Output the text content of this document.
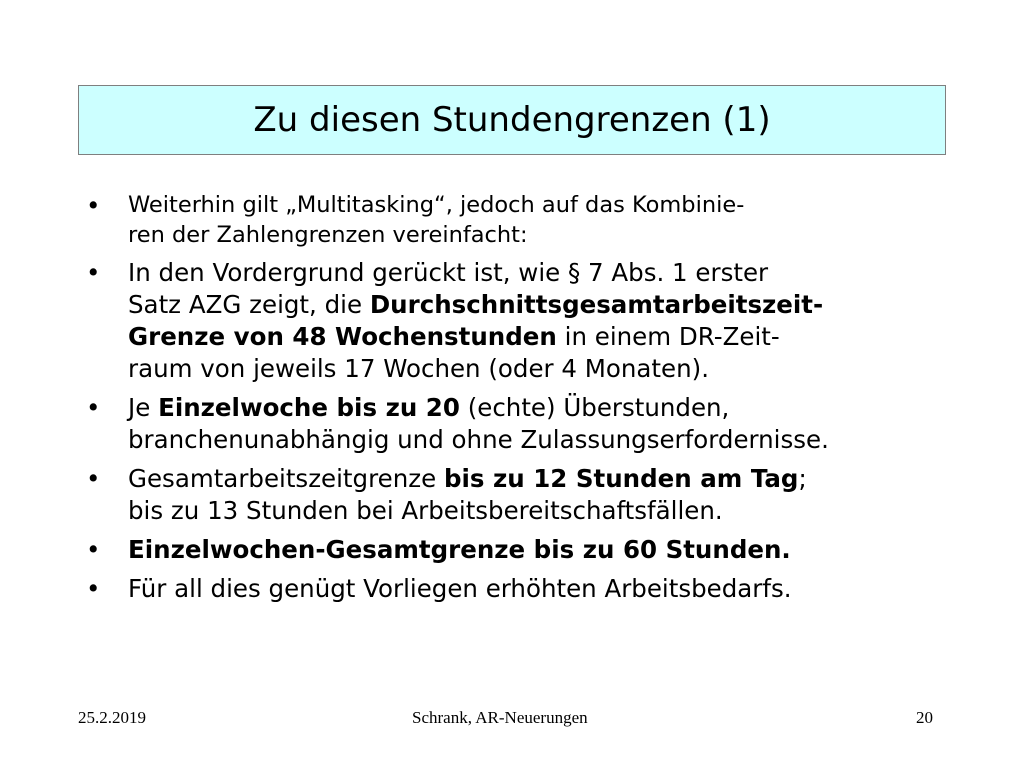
Zu diesen Stundengrenzen (1)
• Weiterhin gilt „Multitasking“, jedoch auf das Kombinie-
ren der Zahlengrenzen vereinfacht:
• In den Vordergrund gerückt ist, wie § 7 Abs. 1 erster
Satz AZG zeigt, die Durchschnittsgesamtarbeitszeit-
Grenze von 48 Wochenstunden in einem DR-Zeit-
raum von jeweils 17 Wochen (oder 4 Monaten).
• Je Einzelwoche bis zu 20 (echte) Überstunden,
branchenunabhängig und ohne Zulassungserfordernisse.
• Gesamtarbeitszeitgrenze bis zu 12 Stunden am Tag;
bis zu 13 Stunden bei Arbeitsbereitschaftsfällen.
• Einzelwochen-Gesamtgrenze bis zu 60 Stunden.
• Für all dies genügt Vorliegen erhöhten Arbeitsbedarfs.
25.2.2019	Schrank, AR-Neuerungen	20
